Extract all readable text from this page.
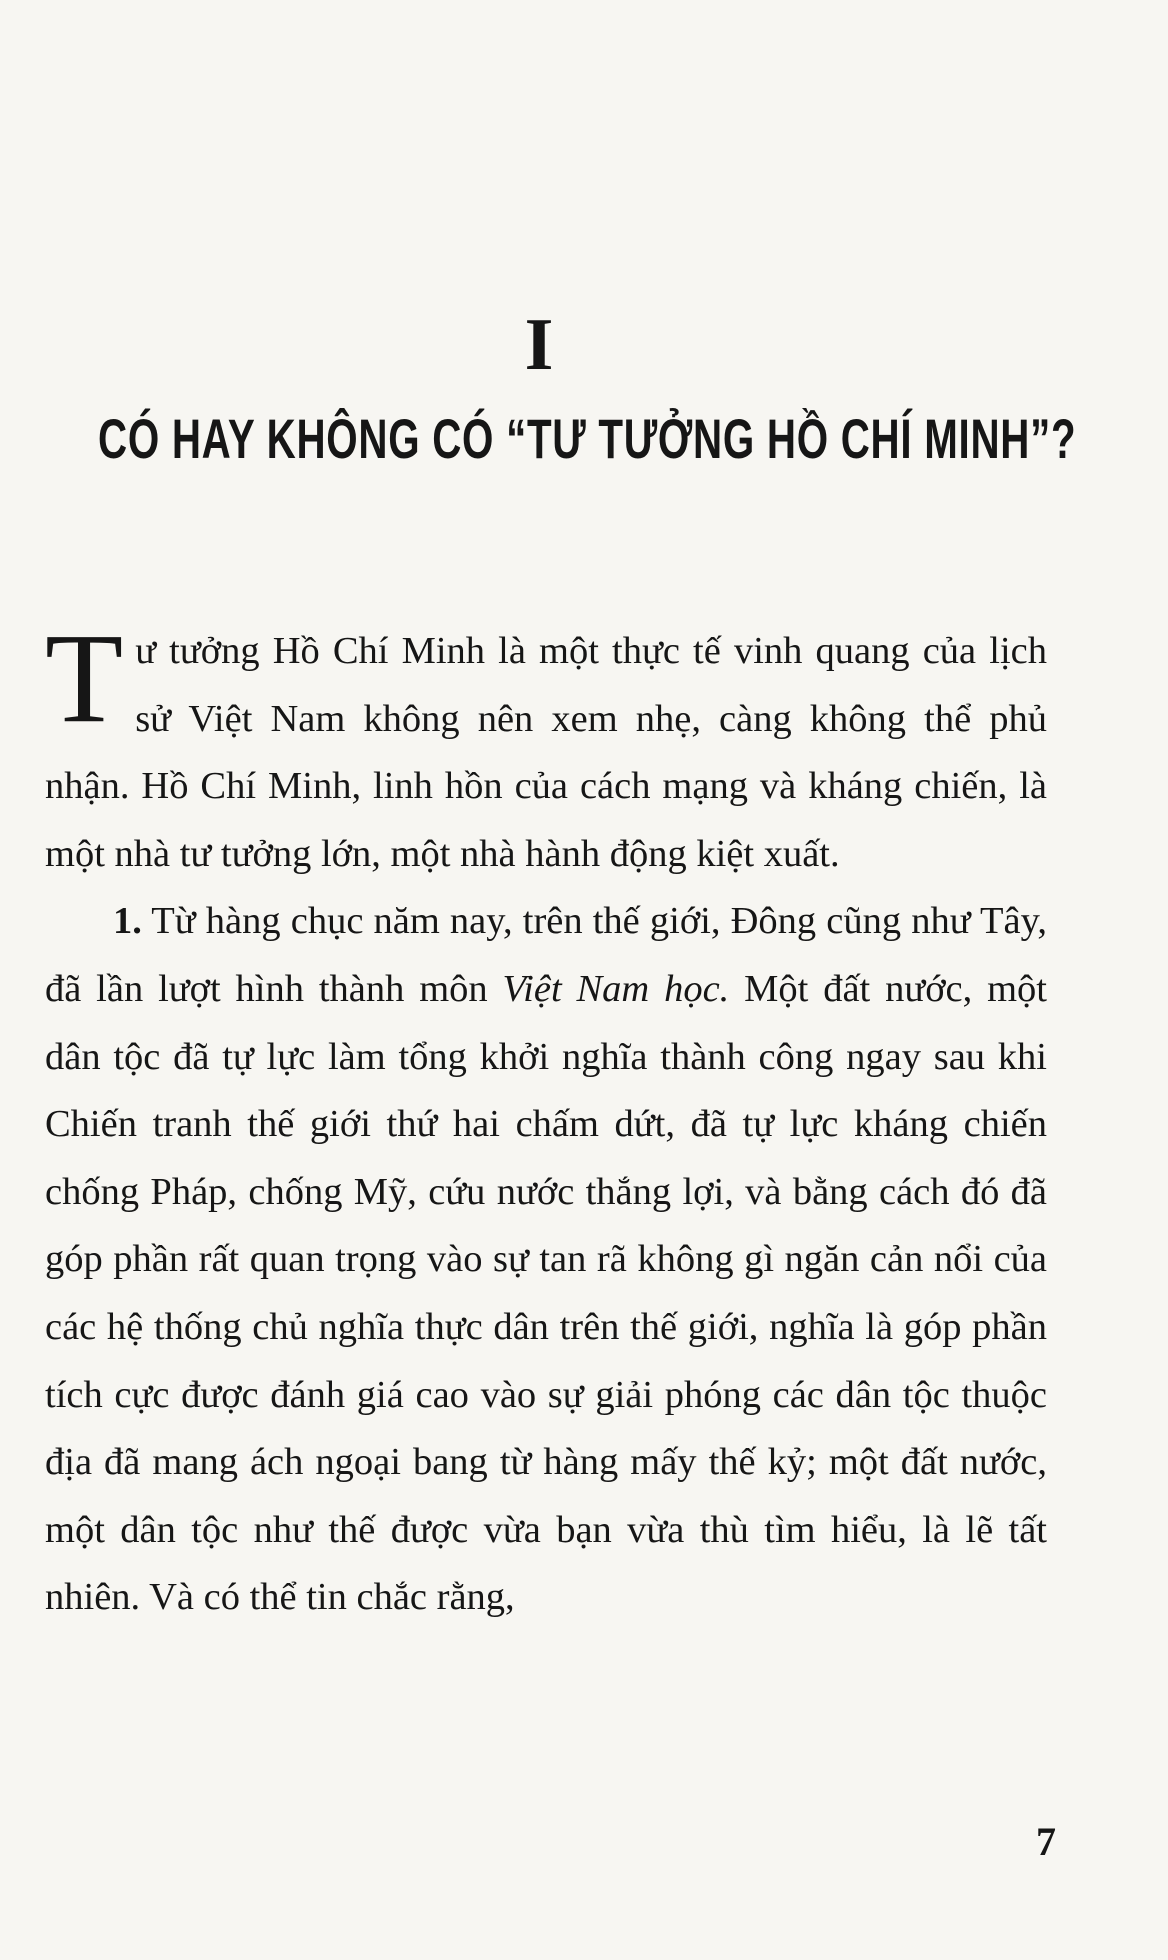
I
CÓ HAY KHÔNG CÓ “TƯ TƯỞNG HỒ CHÍ MINH”?

Tư tưởng Hồ Chí Minh là một thực tế vinh quang của lịch sử Việt Nam không nên xem nhẹ, càng không thể phủ nhận. Hồ Chí Minh, linh hồn của cách mạng và kháng chiến, là một nhà tư tưởng lớn, một nhà hành động kiệt xuất.

1. Từ hàng chục năm nay, trên thế giới, Đông cũng như Tây, đã lần lượt hình thành môn Việt Nam học. Một đất nước, một dân tộc đã tự lực làm tổng khởi nghĩa thành công ngay sau khi Chiến tranh thế giới thứ hai chấm dứt, đã tự lực kháng chiến chống Pháp, chống Mỹ, cứu nước thắng lợi, và bằng cách đó đã góp phần rất quan trọng vào sự tan rã không gì ngăn cản nổi của các hệ thống chủ nghĩa thực dân trên thế giới, nghĩa là góp phần tích cực được đánh giá cao vào sự giải phóng các dân tộc thuộc địa đã mang ách ngoại bang từ hàng mấy thế kỷ; một đất nước, một dân tộc như thế được vừa bạn vừa thù tìm hiểu, là lẽ tất nhiên. Và có thể tin chắc rằng,

7
